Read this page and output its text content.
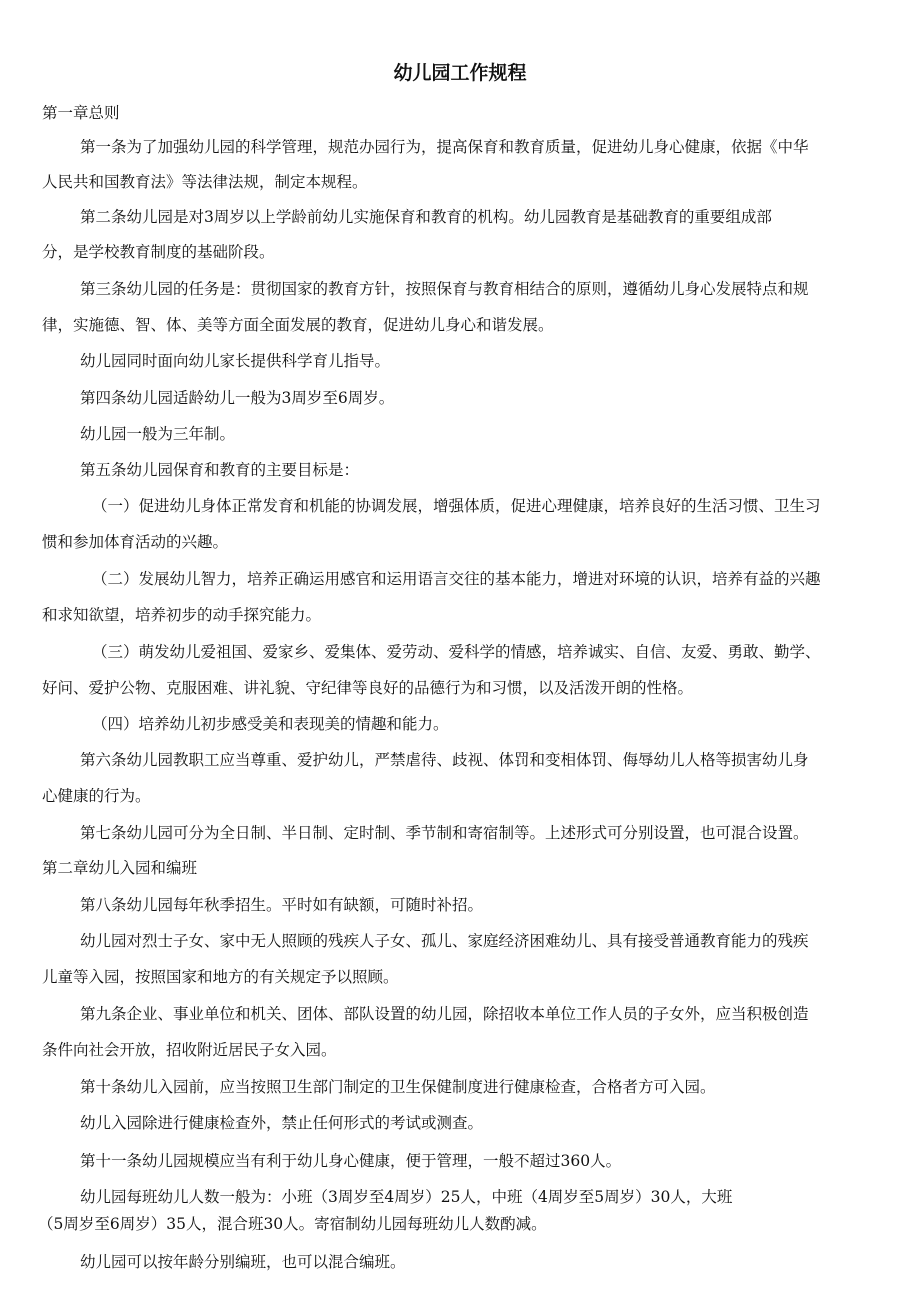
幼儿园工作规程

第一章总则

第一条为了加强幼儿园的科学管理，规范办园行为，提高保育和教育质量，促进幼儿身心健康，依据《中华

人民共和国教育法》等法律法规，制定本规程。

第二条幼儿园是对3周岁以上学龄前幼儿实施保育和教育的机构。幼儿园教育是基础教育的重要组成部

分，是学校教育制度的基础阶段。

第三条幼儿园的任务是：贯彻国家的教育方针，按照保育与教育相结合的原则，遵循幼儿身心发展特点和规

律，实施德、智、体、美等方面全面发展的教育，促进幼儿身心和谐发展。

幼儿园同时面向幼儿家长提供科学育儿指导。

第四条幼儿园适龄幼儿一般为3周岁至6周岁。

幼儿园一般为三年制。

第五条幼儿园保育和教育的主要目标是：

（一）促进幼儿身体正常发育和机能的协调发展，增强体质，促进心理健康，培养良好的生活习惯、卫生习

惯和参加体育活动的兴趣。

（二）发展幼儿智力，培养正确运用感官和运用语言交往的基本能力，增进对环境的认识，培养有益的兴趣

和求知欲望，培养初步的动手探究能力。

（三）萌发幼儿爱祖国、爱家乡、爱集体、爱劳动、爱科学的情感，培养诚实、自信、友爱、勇敢、勤学、

好问、爱护公物、克服困难、讲礼貌、守纪律等良好的品德行为和习惯，以及活泼开朗的性格。

（四）培养幼儿初步感受美和表现美的情趣和能力。

第六条幼儿园教职工应当尊重、爱护幼儿，严禁虐待、歧视、体罚和变相体罚、侮辱幼儿人格等损害幼儿身

心健康的行为。

第七条幼儿园可分为全日制、半日制、定时制、季节制和寄宿制等。上述形式可分别设置，也可混合设置。

第二章幼儿入园和编班

第八条幼儿园每年秋季招生。平时如有缺额，可随时补招。

幼儿园对烈士子女、家中无人照顾的残疾人子女、孤儿、家庭经济困难幼儿、具有接受普通教育能力的残疾

儿童等入园，按照国家和地方的有关规定予以照顾。

第九条企业、事业单位和机关、团体、部队设置的幼儿园，除招收本单位工作人员的子女外，应当积极创造

条件向社会开放，招收附近居民子女入园。

第十条幼儿入园前，应当按照卫生部门制定的卫生保健制度进行健康检查，合格者方可入园。

幼儿入园除进行健康检查外，禁止任何形式的考试或测查。

第十一条幼儿园规模应当有利于幼儿身心健康，便于管理，一般不超过360人。

幼儿园每班幼儿人数一般为：小班（3周岁至4周岁）25人，中班（4周岁至5周岁）30人，大班

（5周岁至6周岁）35人，混合班30人。寄宿制幼儿园每班幼儿人数酌减。

幼儿园可以按年龄分别编班，也可以混合编班。
